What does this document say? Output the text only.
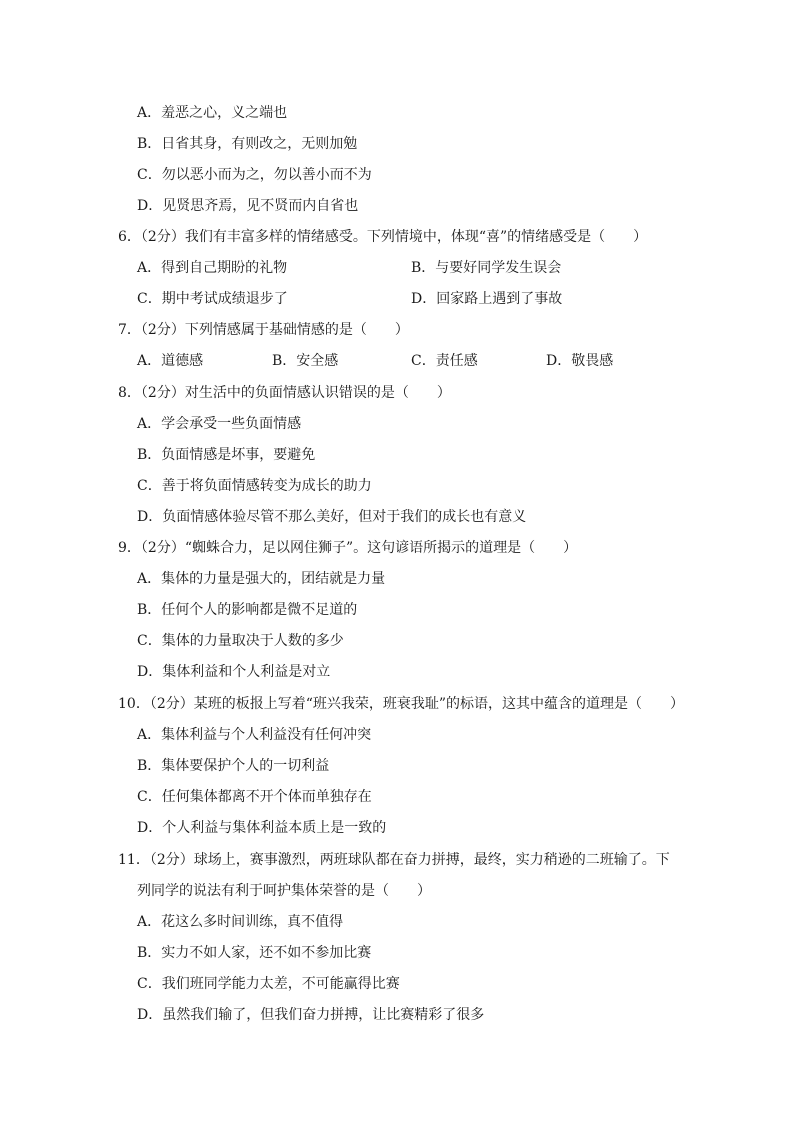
A．羞恶之心，义之端也
B．日省其身，有则改之，无则加勉
C．勿以恶小而为之，勿以善小而不为
D．见贤思齐焉，见不贤而内自省也
6．（2分）我们有丰富多样的情绪感受。下列情境中，体现“喜”的情绪感受是（　　）
A．得到自己期盼的礼物	B．与要好同学发生误会
C．期中考试成绩退步了	D．回家路上遇到了事故
7．（2分）下列情感属于基础情感的是（　　）
A．道德感	B．安全感	C．责任感	D．敬畏感
8．（2分）对生活中的负面情感认识错误的是（　　）
A．学会承受一些负面情感
B．负面情感是坏事，要避免
C．善于将负面情感转变为成长的助力
D．负面情感体验尽管不那么美好，但对于我们的成长也有意义
9．（2分）“蜘蛛合力，足以网住狮子”。这句谚语所揭示的道理是（　　）
A．集体的力量是强大的，团结就是力量
B．任何个人的影响都是微不足道的
C．集体的力量取决于人数的多少
D．集体利益和个人利益是对立
10．（2分）某班的板报上写着“班兴我荣，班衰我耻”的标语，这其中蕴含的道理是（　　）
A．集体利益与个人利益没有任何冲突
B．集体要保护个人的一切利益
C．任何集体都离不开个体而单独存在
D．个人利益与集体利益本质上是一致的
11．（2分）球场上，赛事激烈，两班球队都在奋力拼搏，最终，实力稍逊的二班输了。下
列同学的说法有利于呵护集体荣誉的是（　　）
A．花这么多时间训练，真不值得
B．实力不如人家，还不如不参加比赛
C．我们班同学能力太差，不可能赢得比赛
D．虽然我们输了，但我们奋力拼搏，让比赛精彩了很多
